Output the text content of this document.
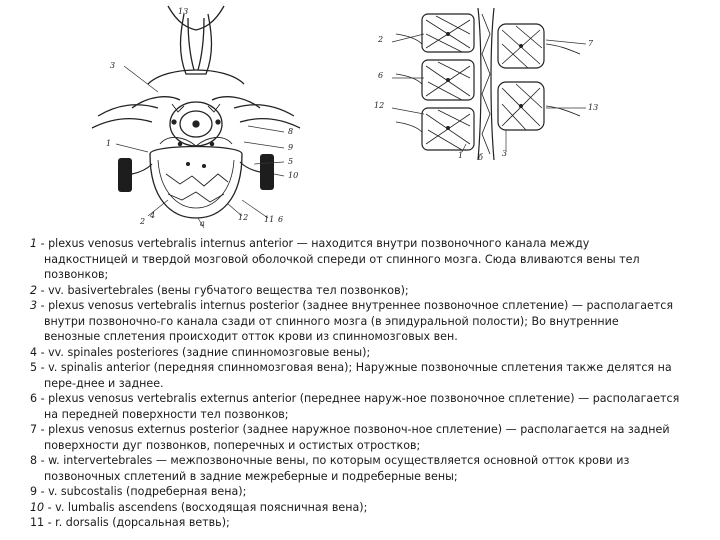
13
3
1
8
9
5
10
4	12 11
2	a	6
2
6
12
7
13
1	3
б
1 - plexus venosus vertebralis internus anterior — находится внутри позвоночного канала между
надкостницей и твердой мозговой оболочкой спереди от спинного мозга. Сюда вливаются вены тел
позвонков;
2 - vv. basivertebrales (вены губчатого вещества тел позвонков);
3 - plexus venosus vertebralis internus posterior (заднее внутреннее позвоночное сплетение) — располагается
внутри позвоночно-го канала сзади от спинного мозга (в эпидуральной полости); Во внутренние
венозные сплетения происходит отток крови из спинномозговых вен.
4 - vv. spinales posteriores (задние спинномозговые вены);
5 - v. spinalis anterior (передняя спинномозговая вена); Наружные позвоночные сплетения также делятся на
пере-днее и заднее.
6 - plexus venosus vertebralis externus anterior (переднее наруж-ное позвоночное сплетение) — располагается
на передней поверхности тел позвонков;
7 - plexus venosus externus posterior (заднее наружное позвоноч-ное сплетение) — располагается на задней
поверхности дуг позвонков, поперечных и остистых отростков;
8 - w. intervertebrales — межпозвоночные вены, по которым осуществляется основной отток крови из
позвоночных сплетений в задние межреберные и подреберные вены;
9 - v. subcostalis (подреберная вена);
10 - v. lumbalis ascendens (восходящая поясничная вена);
11 - r. dorsalis (дорсальная ветвь);
